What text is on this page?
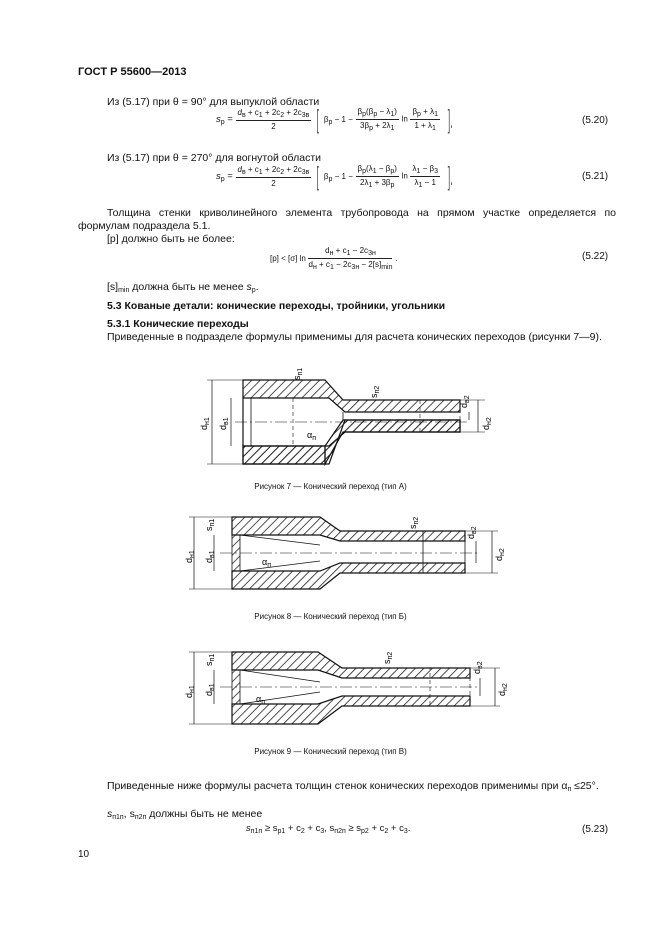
ГОСТ Р 55600—2013
Из (5.17) при θ = 90° для выпуклой области
$s_p = \frac{d_в + c_1 + 2c_2 + 2c_{3в}}{2}$ [ $\beta_p - 1 - \frac{\beta_p(\beta_p - \lambda_1)}{3\beta_p + 2\lambda_1}$ $\ln \frac{\beta_p + \lambda_1}{1 + \lambda_1}$ ].	(5.20)
Из (5.17) при θ = 270° для вогнутой области
$s_p = \frac{d_в + c_1 + 2c_2 + 2c_{3в}}{2}$ [ $\beta_p - 1 - \frac{\beta_p(\lambda_1 - \beta_p)}{2\lambda_1 + 3\beta_p}$ $\ln \frac{\lambda_1 - \beta_3}{\lambda_1 - 1}$ ].	(5.21)
Толщина стенки криволинейного элемента трубопровода на прямом участке определяется по формулам подраздела 5.1.
[p] должно быть не более:
[p] < [σ] $\ln \frac{d_н + c_1 - 2c_{3н}}{d_н + c_1 - 2c_{3н} - 2[s]_{min}}$ .	(5.22)
$[s]_{min}$ должна быть не менее $s_p$.
5.3 Кованые детали: конические переходы, тройники, угольники
5.3.1 Конические переходы
Приведенные в подразделе формулы применимы для расчета конических переходов (рисунки 7—9).
$d_{н1}$
$d_{в1}$
$s_{п1}$
$s_{п2}$
$d_{в2}$
$d_{н2}$
$\alpha_п$
Рисунок 7 — Конический переход (тип А)
$d_{н1}$
$d_{в1}$
$s_{п1}$
$s_{п2}$
$d_{в2}$
$d_{н2}$
$\alpha_п$
Рисунок 8 — Конический переход (тип Б)
$d_{н1}$
$d_{в1}$
$s_{п1}$
$s_{п2}$
$d_{в2}$
$d_{н2}$
$\alpha_п$
Рисунок 9 — Конический переход (тип В)
Приведенные ниже формулы расчета толщин стенок конических переходов применимы при $\alpha_п \le 25^\circ$.
$s_{п1п}$, $s_{п2п}$ должны быть не менее
$s_{п1п} \ge s_{p1} + c_2 + c_3$, $s_{п2п} \ge s_{p2} + c_2 + c_3$.	(5.23)
10
